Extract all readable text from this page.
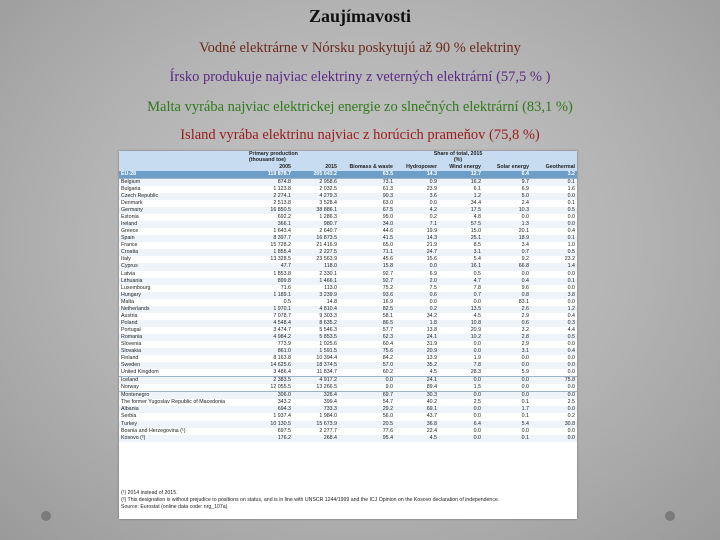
Zaujímavosti
Vodné elektrárne v Nórsku poskytujú až 90 % elektriny
Írsko produkuje najviac elektriny z veterných elektrární (57,5 % )
Malta vyrába najviac elektrickej energie zo slnečných elektrární (83,1 %)
Island vyrába elektrinu najviac z horúcich prameňov (75,8 %)
	Primary production
(thousand toe)		Share of total, 2015
(%)				
	2005	2015	Biomass & waste	Hydropower	Wind energy	Solar energy	Geothermal
EU-28	119 878.7	205 043.2	63.5	14.3	12.7	6.4	3.2
Belgium	874.8	2 958.6	73.1	0.9	16.2	9.7	0.1
Bulgaria	1 123.8	2 032.5	61.3	23.9	6.1	6.9	1.6
Czech Republic	2 274.1	4 279.3	90.3	3.6	1.2	5.0	0.0
Denmark	2 513.8	3 528.4	63.0	0.0	34.4	2.4	0.1
Germany	16 850.5	38 886.1	67.5	4.2	17.5	10.3	0.5
Estonia	692.2	1 286.3	95.0	0.2	4.8	0.0	0.0
Ireland	366.1	980.7	34.0	7.1	57.5	1.3	0.0
Greece	1 643.4	2 640.7	44.6	19.9	15.0	20.1	0.4
Spain	8 397.7	16 873.5	41.5	14.3	25.1	18.9	0.1
France	15 728.2	21 416.9	65.0	21.9	8.5	3.4	1.0
Croatia	1 855.4	2 227.5	71.1	24.7	3.1	0.7	0.5
Italy	13 328.5	23 563.9	45.6	15.6	5.4	9.2	23.2
Cyprus	47.7	118.0	15.8	0.0	16.1	66.8	1.4
Latvia	1 853.8	2 330.1	92.7	6.9	0.5	0.0	0.0
Lithuania	899.8	1 466.1	92.7	2.0	4.7	0.4	0.1
Luxembourg	71.6	113.0	75.2	7.5	7.8	9.6	0.0
Hungary	1 189.1	3 239.9	93.6	0.6	0.7	0.8	3.8
Malta	0.5	14.8	16.9	0.0	0.0	83.1	0.0
Netherlands	1 970.1	4 810.4	82.5	0.2	13.5	2.6	1.2
Austria	7 078.7	9 303.3	58.1	34.2	4.5	2.9	0.4
Poland	4 548.4	8 635.2	86.5	1.8	10.8	0.6	0.3
Portugal	3 474.7	5 546.3	57.7	13.8	20.9	3.2	4.4
Romania	4 984.2	5 853.5	62.3	24.1	10.2	2.8	0.5
Slovenia	773.9	1 025.6	60.4	31.9	0.0	2.9	0.0
Slovakia	861.0	1 591.5	75.6	20.9	0.0	3.1	0.4
Finland	8 163.8	10 394.4	84.2	13.9	1.9	0.0	0.0
Sweden	14 625.6	18 374.5	57.0	35.2	7.8	0.0	0.0
United Kingdom	3 486.4	11 834.7	60.2	4.5	28.3	5.9	0.0
Iceland	2 383.5	4 917.2	0.0	24.1	0.0	0.0	75.8
Norway	12 055.5	13 266.5	9.0	89.4	1.5	0.0	0.0
Montenegro	306.0	326.4	69.7	30.3	0.0	0.0	0.0
The former Yugoslav Republic of Macedonia	343.2	399.4	54.7	40.2	2.5	0.1	2.5
Albania	694.3	733.3	29.2	69.1	0.0	1.7	0.0
Serbia	1 937.4	1 984.0	56.0	43.7	0.0	0.1	0.2
Turkey	10 130.5	15 673.9	20.5	36.8	6.4	5.4	30.8
Bosnia and Herzegovina (¹)	697.5	2 277.7	77.6	22.4	0.0	0.0	0.0
Kosovo (²)	176.2	268.4	95.4	4.5	0.0	0.1	0.0
(¹) 2014 instead of 2015.
(²) This designation is without prejudice to positions on status, and is in line with UNSCR 1244/1999 and the ICJ Opinion on the Kosovo declaration of independence.
Source: Eurostat (online data code: nrg_107a)
